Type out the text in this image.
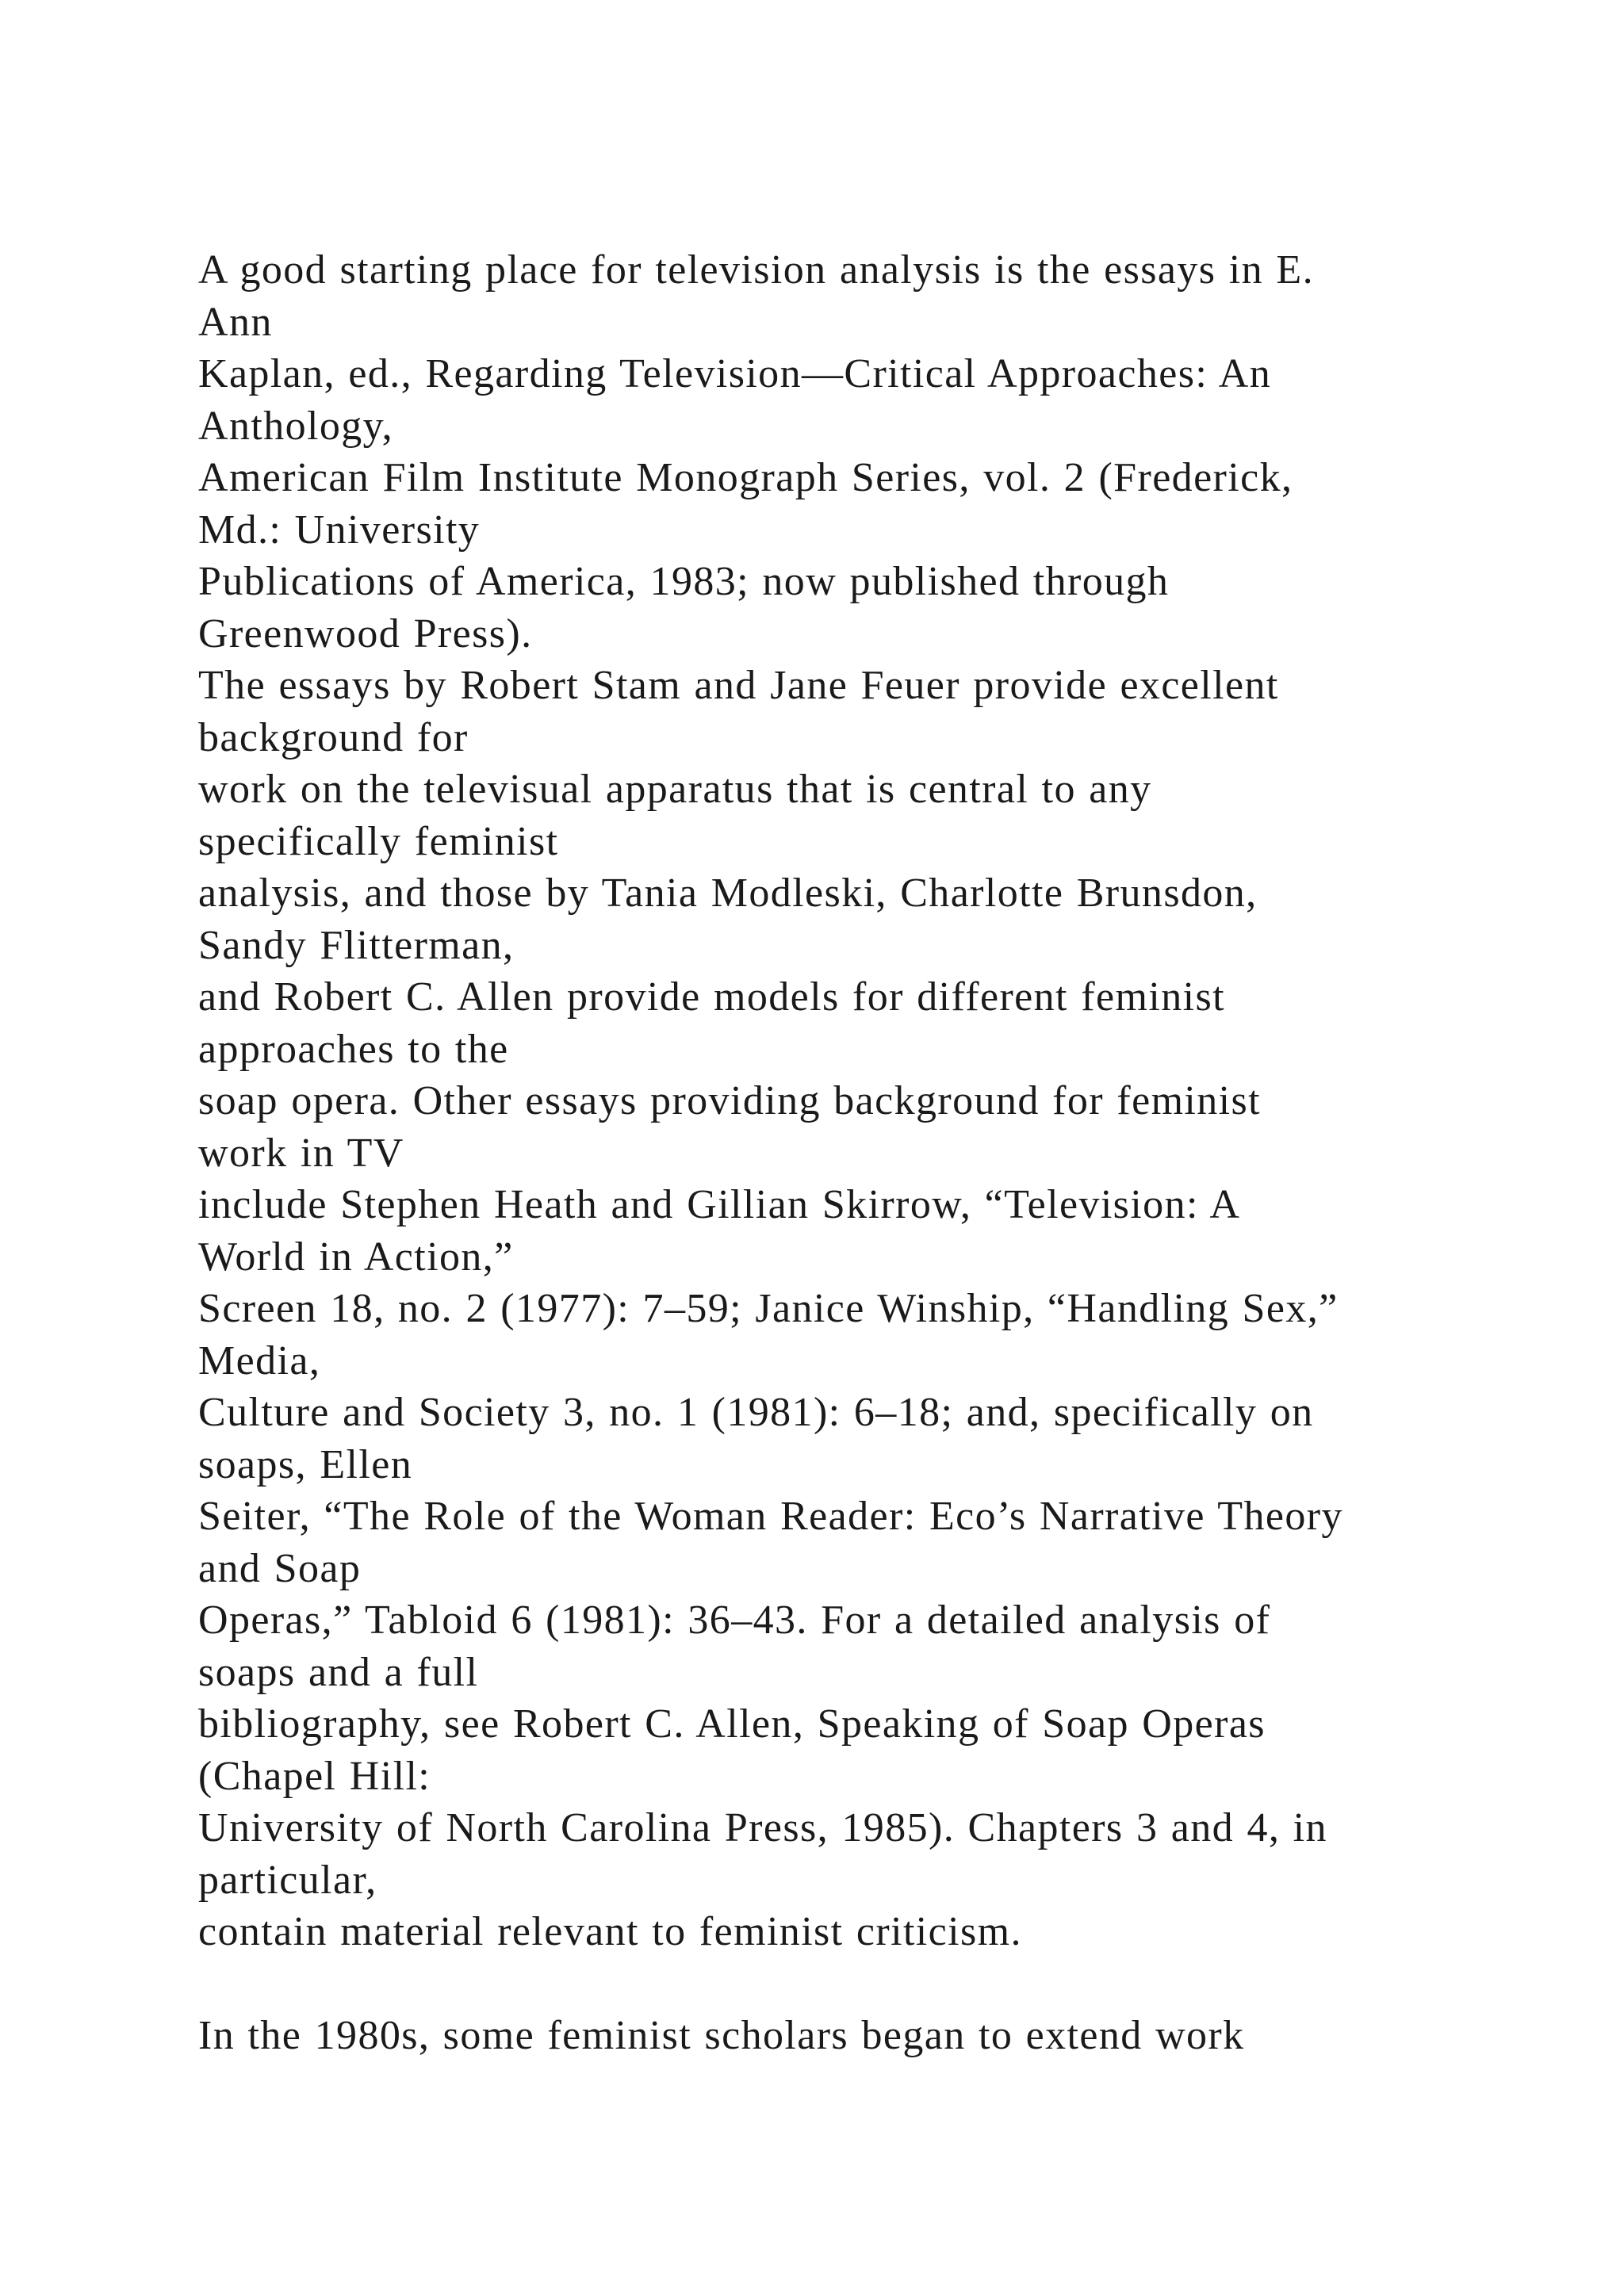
A good starting place for television analysis is the essays in E.
Ann
Kaplan, ed., Regarding Television—Critical Approaches: An
Anthology,
American Film Institute Monograph Series, vol. 2 (Frederick,
Md.: University
Publications of America, 1983; now published through
Greenwood Press).
The essays by Robert Stam and Jane Feuer provide excellent
background for
work on the televisual apparatus that is central to any
specifically feminist
analysis, and those by Tania Modleski, Charlotte Brunsdon,
Sandy Flitterman,
and Robert C. Allen provide models for different feminist
approaches to the
soap opera. Other essays providing background for feminist
work in TV
include Stephen Heath and Gillian Skirrow, “Television: A
World in Action,”
Screen 18, no. 2 (1977): 7–59; Janice Winship, “Handling Sex,”
Media,
Culture and Society 3, no. 1 (1981): 6–18; and, specifically on
soaps, Ellen
Seiter, “The Role of the Woman Reader: Eco’s Narrative Theory
and Soap
Operas,” Tabloid 6 (1981): 36–43. For a detailed analysis of
soaps and a full
bibliography, see Robert C. Allen, Speaking of Soap Operas
(Chapel Hill:
University of North Carolina Press, 1985). Chapters 3 and 4, in
particular,
contain material relevant to feminist criticism.
In the 1980s, some feminist scholars began to extend work
